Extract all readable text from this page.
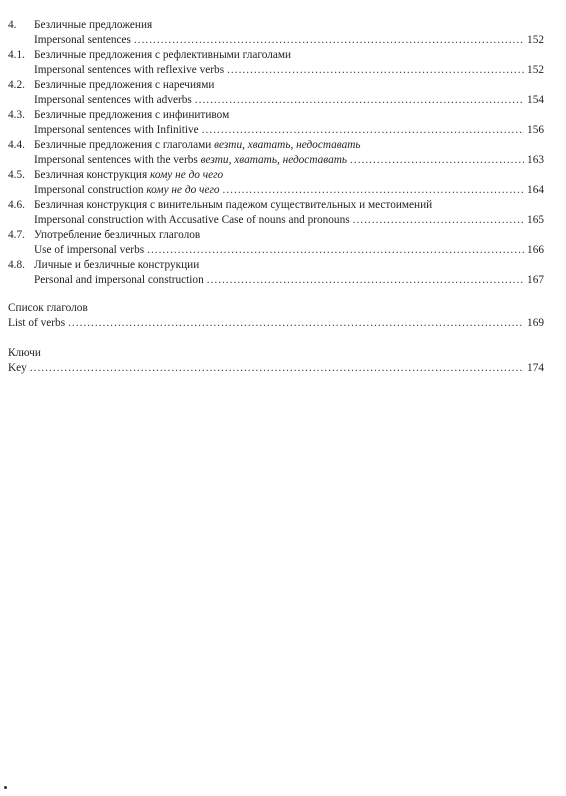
4.	Безличные предложения
Impersonal sentences .....	152
4.1. Безличные предложения с рефлективными глаголами
Impersonal sentences with reflexive verbs .....	152
4.2. Безличные предложения с наречиями
Impersonal sentences with adverbs .....	154
4.3. Безличные предложения с инфинитивом
Impersonal sentences with Infinitive .....	156
4.4. Безличные предложения с глаголами везти, хватать, недоставать
Impersonal sentences with the verbs везти, хватать, недоставать .....	163
4.5. Безличная конструкция кому не до чего
Impersonal construction кому не до чего .....	164
4.6. Безличная конструкция с винительным падежом существительных и местоимений
Impersonal construction with Accusative Case of nouns and pronouns .....	165
4.7. Употребление безличных глаголов
Use of impersonal verbs .....	166
4.8. Личные и безличные конструкции
Personal and impersonal construction .....	167
Список глаголов
List of verbs .....	169
Ключи
Key .....	174
